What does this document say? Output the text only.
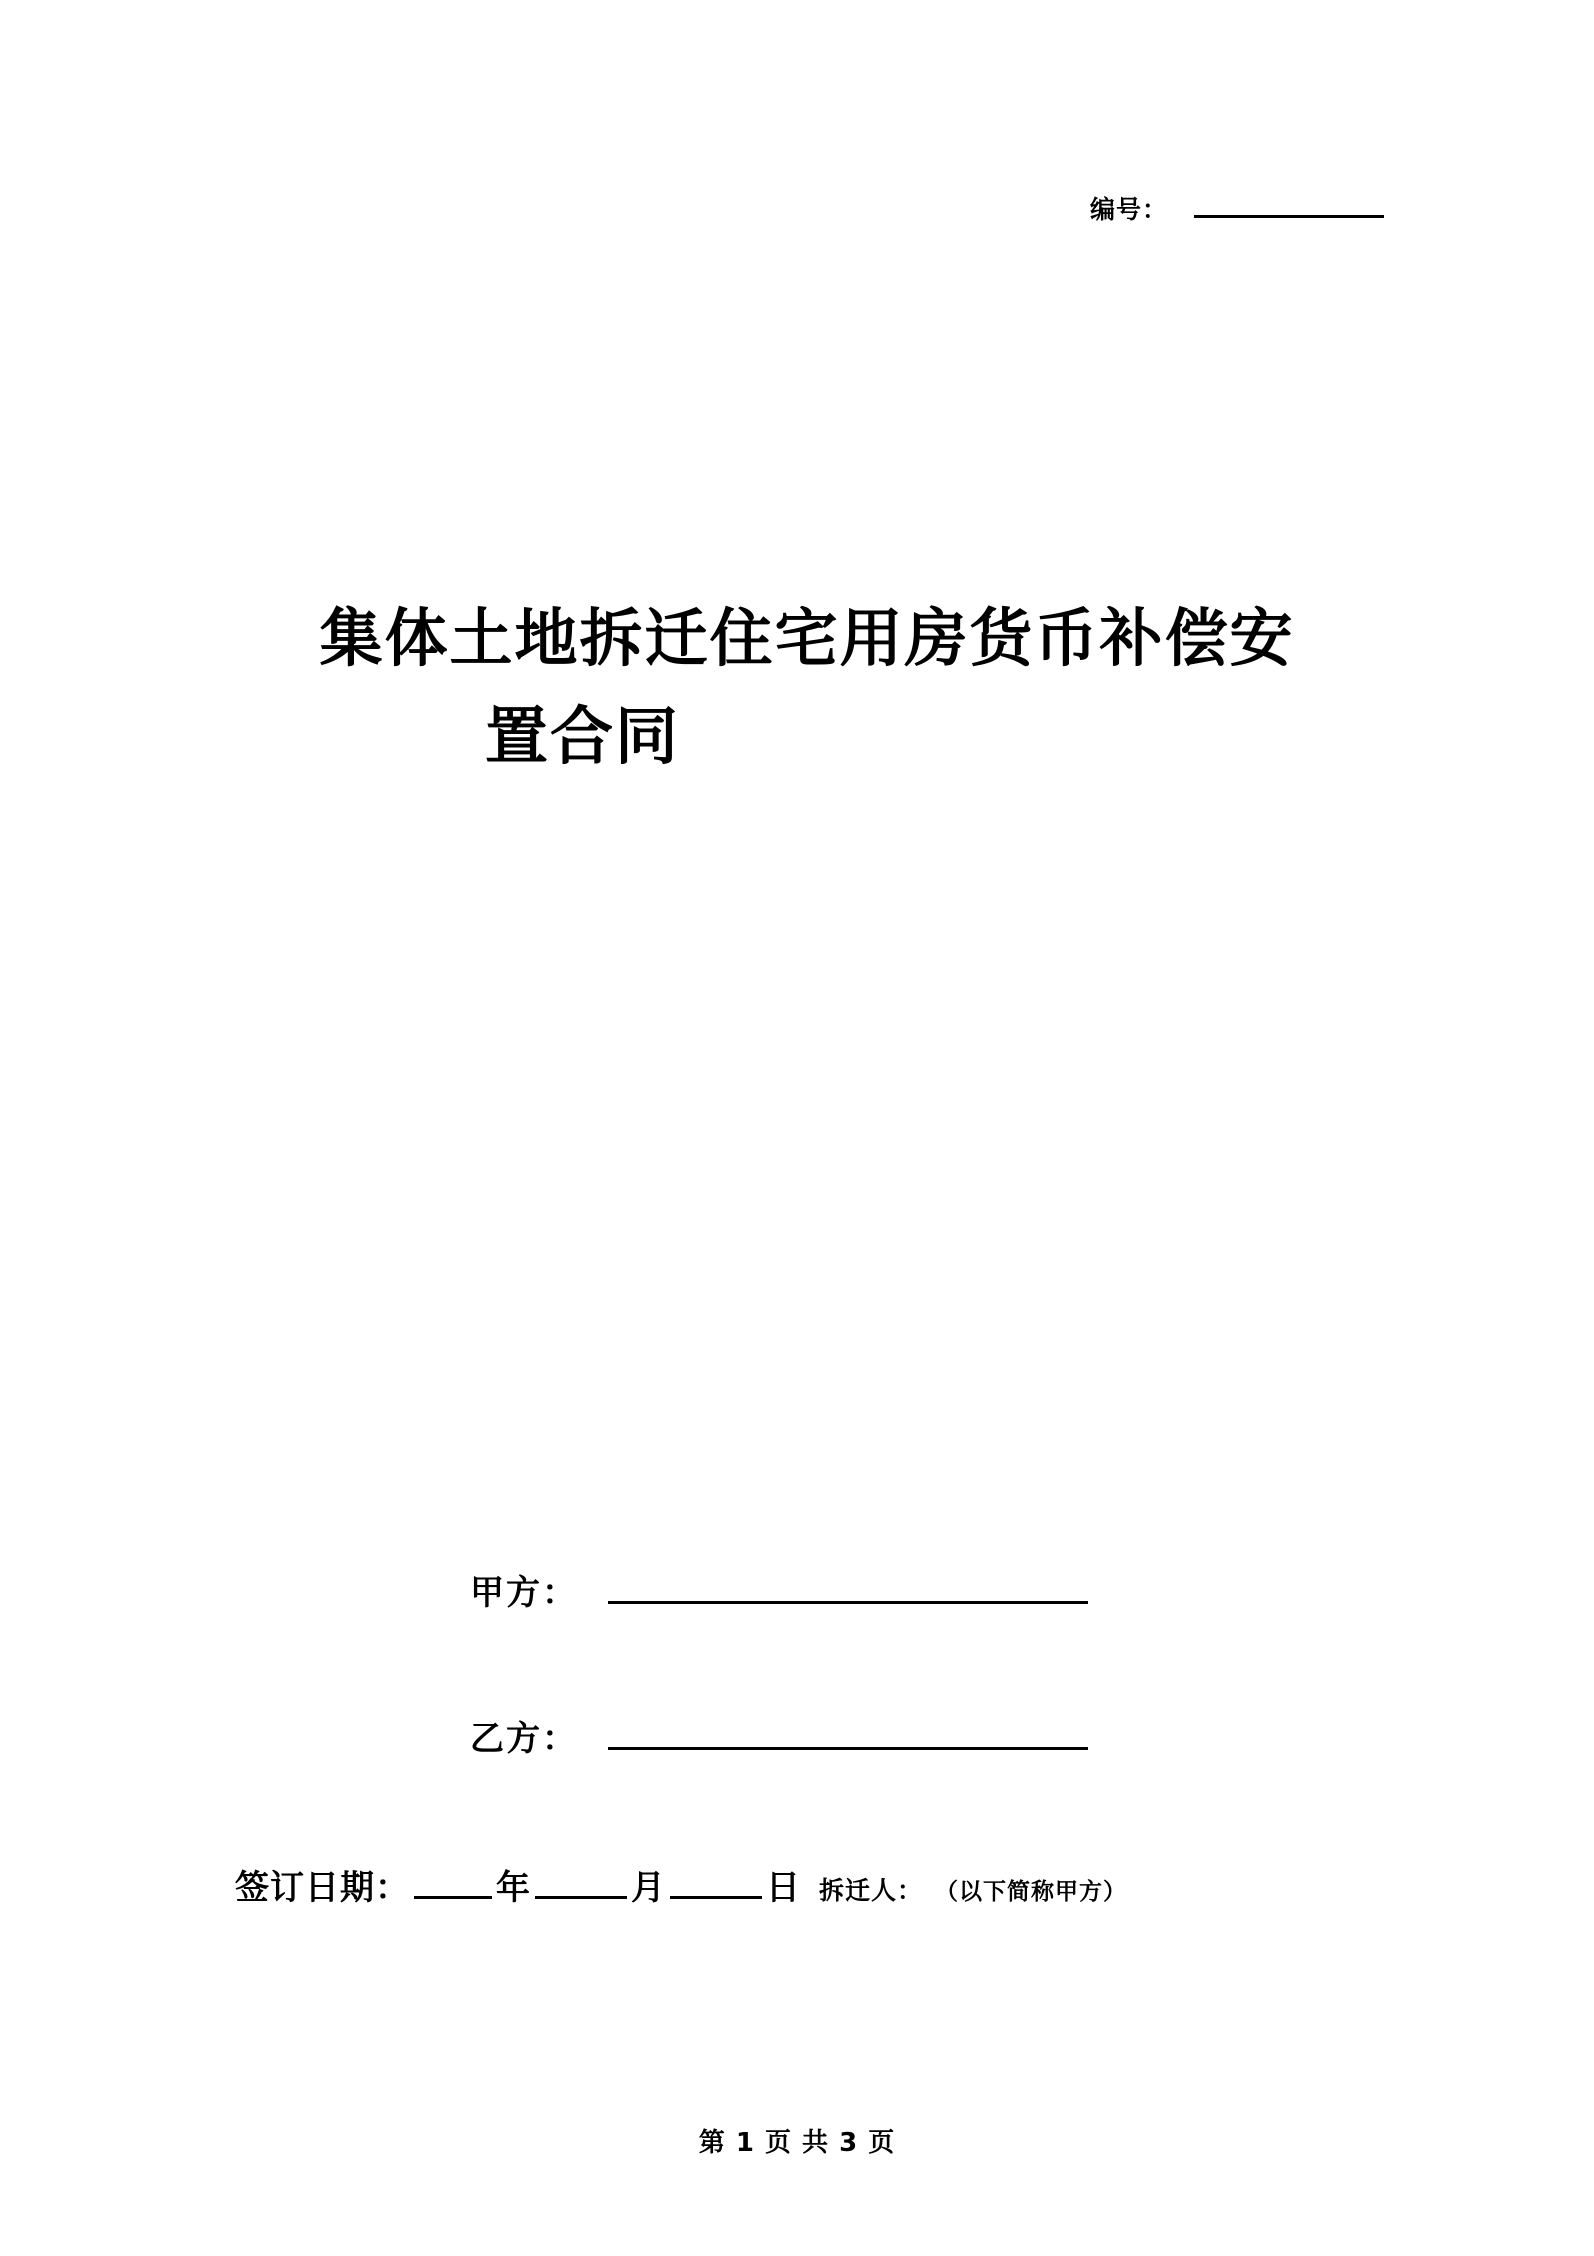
编号：
集体土地拆迁住宅用房货币补偿安
置合同
甲方：
乙方：
签订日期：	年	月	日 拆迁人： （以下简称甲方）
第 1 页 共 3 页
